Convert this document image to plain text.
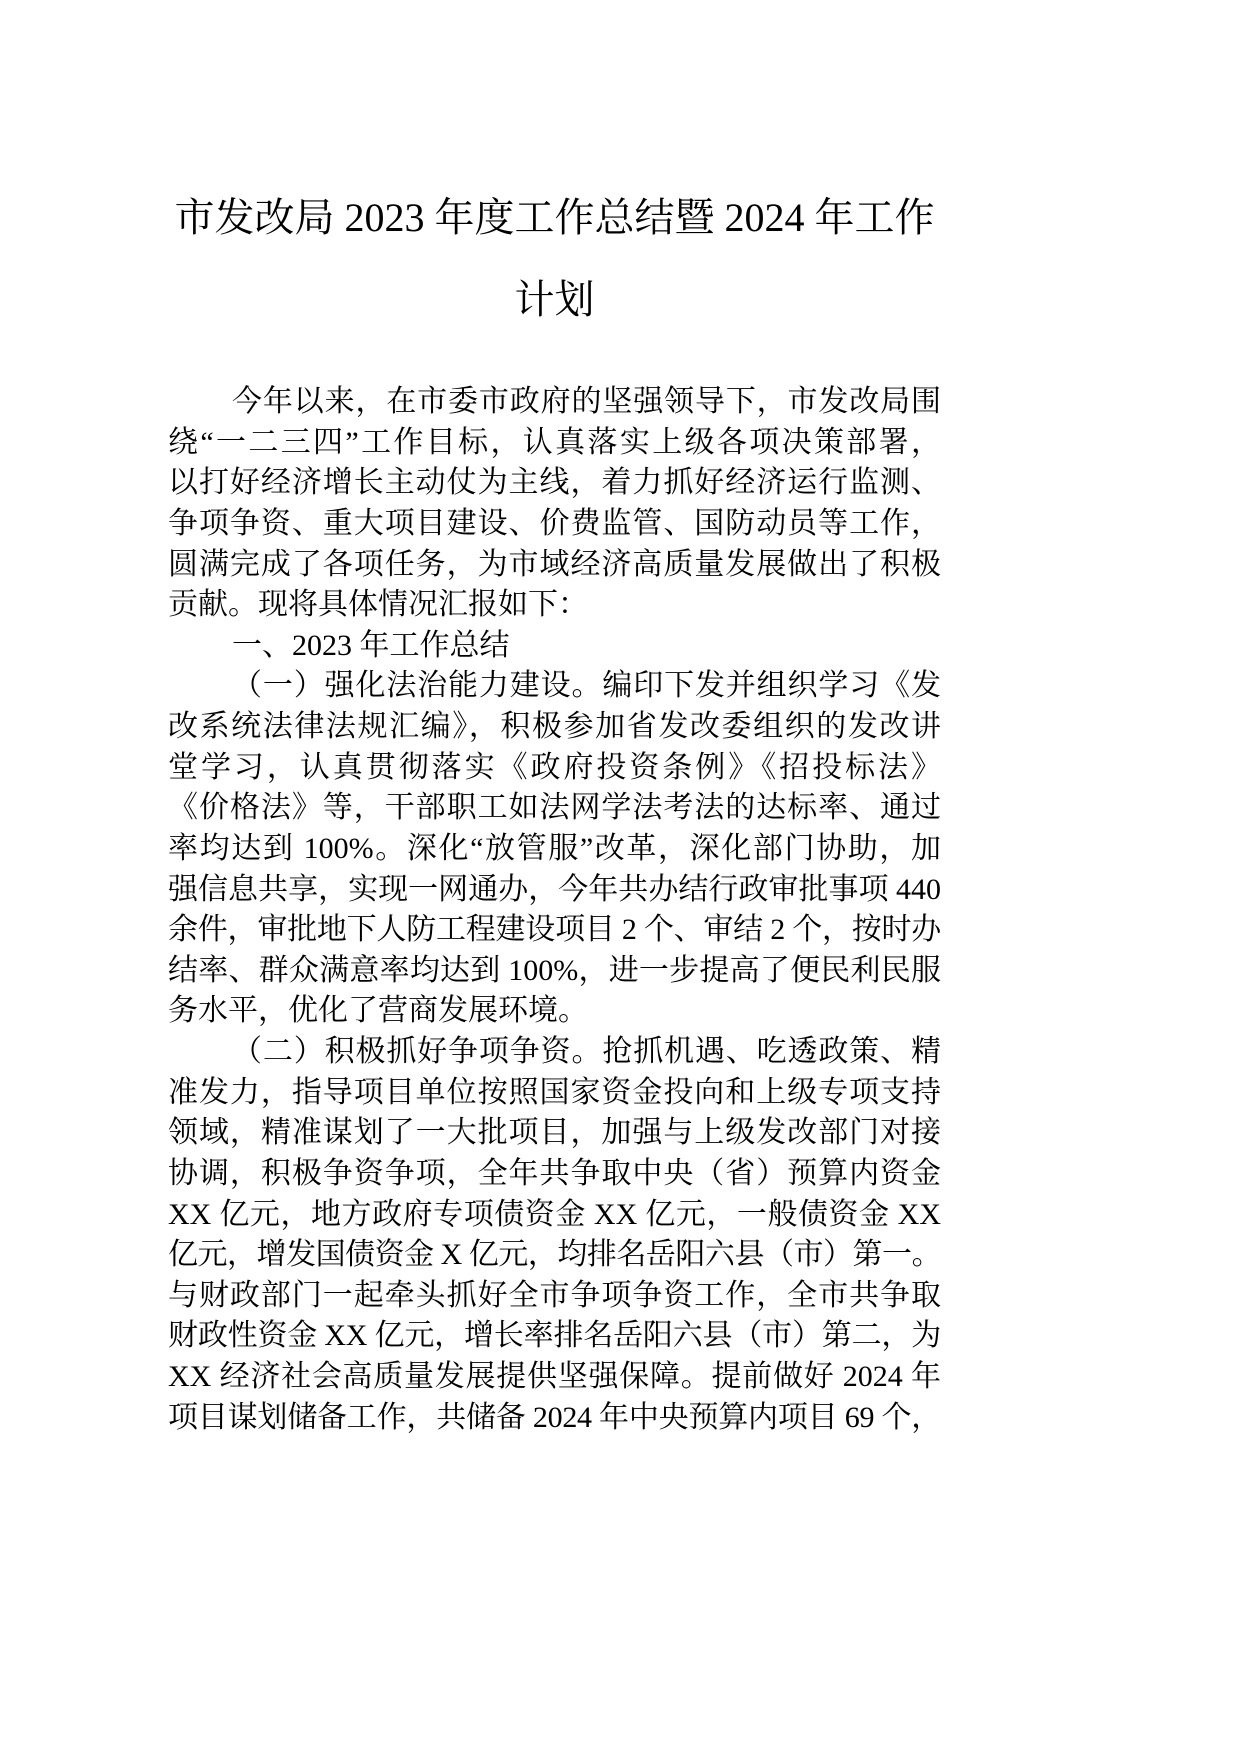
市发改局 2023 年度工作总结暨 2024 年工作
计划
今年以来，在市委市政府的坚强领导下，市发改局围
绕“一二三四”工作目标，认真落实上级各项决策部署，
以打好经济增长主动仗为主线，着力抓好经济运行监测、
争项争资、重大项目建设、价费监管、国防动员等工作，
圆满完成了各项任务，为市域经济高质量发展做出了积极
贡献。现将具体情况汇报如下：
一、2023 年工作总结
（一）强化法治能力建设。编印下发并组织学习《发
改系统法律法规汇编》，积极参加省发改委组织的发改讲
堂学习，认真贯彻落实《政府投资条例》《招投标法》
《价格法》等，干部职工如法网学法考法的达标率、通过
率均达到 100%。深化“放管服”改革，深化部门协助，加
强信息共享，实现一网通办，今年共办结行政审批事项 440
余件，审批地下人防工程建设项目 2 个、审结 2 个，按时办
结率、群众满意率均达到 100%，进一步提高了便民利民服
务水平，优化了营商发展环境。
（二）积极抓好争项争资。抢抓机遇、吃透政策、精
准发力，指导项目单位按照国家资金投向和上级专项支持
领域，精准谋划了一大批项目，加强与上级发改部门对接
协调，积极争资争项，全年共争取中央（省）预算内资金
XX 亿元，地方政府专项债资金 XX 亿元，一般债资金 XX
亿元，增发国债资金 X 亿元，均排名岳阳六县（市）第一。
与财政部门一起牵头抓好全市争项争资工作，全市共争取
财政性资金 XX 亿元，增长率排名岳阳六县（市）第二，为
XX 经济社会高质量发展提供坚强保障。提前做好 2024 年
项目谋划储备工作，共储备 2024 年中央预算内项目 69 个，
